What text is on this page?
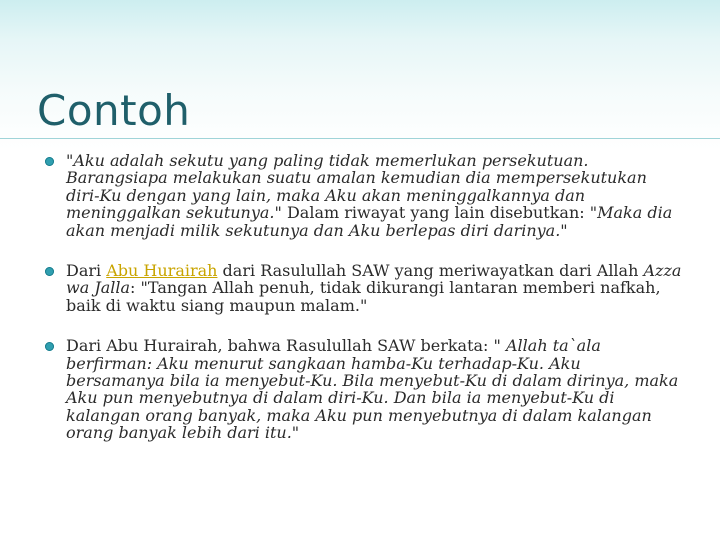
Contoh
"Aku adalah sekutu yang paling tidak memerlukan persekutuan. Barangsiapa melakukan suatu amalan kemudian dia mempersekutukan diri-Ku dengan yang lain, maka Aku akan meninggalkannya dan meninggalkan sekutunya." Dalam riwayat yang lain disebutkan: "Maka dia akan menjadi milik sekutunya dan Aku berlepas diri darinya."
Dari Abu Hurairah dari Rasulullah SAW yang meriwayatkan dari Allah Azza wa Jalla: "Tangan Allah penuh, tidak dikurangi lantaran memberi nafkah, baik di waktu siang maupun malam."
Dari Abu Hurairah, bahwa Rasulullah SAW berkata: " Allah ta`ala berfirman: Aku menurut sangkaan hamba-Ku terhadap-Ku. Aku bersamanya bila ia menyebut-Ku. Bila menyebut-Ku di dalam dirinya, maka Aku pun menyebutnya di dalam diri-Ku. Dan bila ia menyebut-Ku di kalangan orang banyak, maka Aku pun menyebutnya di dalam kalangan orang banyak lebih dari itu."
